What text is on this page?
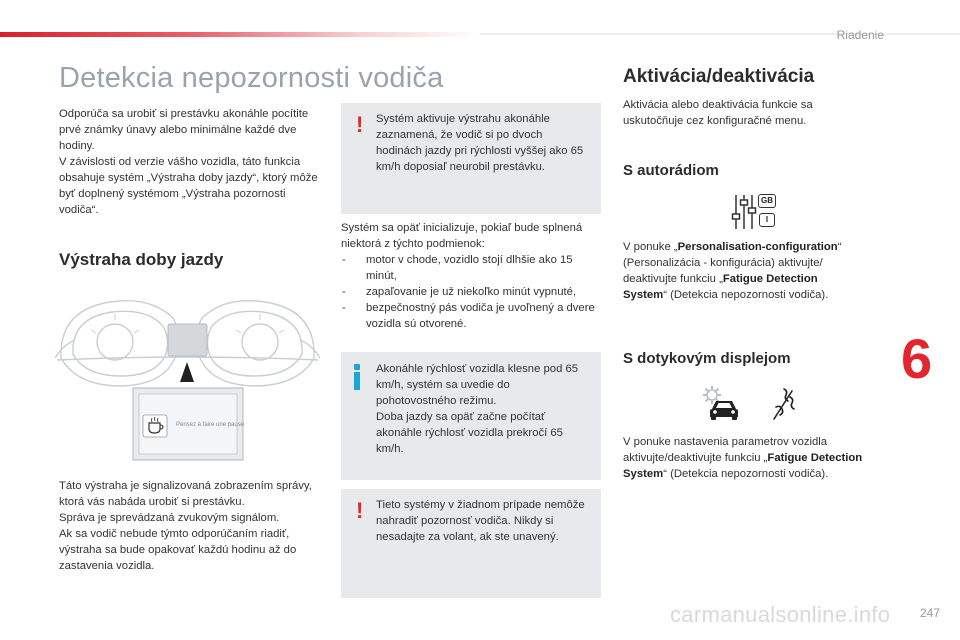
Riadenie
Detekcia nepozornosti vodiča
Odporúča sa urobiť si prestávku akonáhle pocítite prvé známky únavy alebo minimálne každé dve hodiny.
V závislosti od verzie vášho vozidla, táto funkcia obsahuje systém „Výstraha doby jazdy“, ktorý môže byť doplnený systémom „Výstraha pozornosti vodiča“.
Výstraha doby jazdy
Pensez à faire une pause
Táto výstraha je signalizovaná zobrazením správy, ktorá vás nabáda urobiť si prestávku.
Správa je sprevádzaná zvukovým signálom.
Ak sa vodič nebude týmto odporúčaním riadiť, výstraha sa bude opakovať každú hodinu až do zastavenia vozidla.
! Systém aktivuje výstrahu akonáhle zaznamená, že vodič si po dvoch hodinách jazdy pri rýchlosti vyššej ako 65 km/h doposiaľ neurobil prestávku.
Systém sa opäť inicializuje, pokiaľ bude splnená niektorá z týchto podmienok:
- motor v chode, vozidlo stojí dlhšie ako 15 minút,
- zapaľovanie je už niekoľko minút vypnuté,
- bezpečnostný pás vodiča je uvoľnený a dvere vozidla sú otvorené.
Akonáhle rýchlosť vozidla klesne pod 65 km/h, systém sa uvedie do pohotovostného režimu.
Doba jazdy sa opäť začne počítať akonáhle rýchlosť vozidla prekročí 65 km/h.
! Tieto systémy v žiadnom prípade nemôže nahradiť pozornosť vodiča. Nikdy si nesadajte za volant, ak ste unavený.
Aktivácia/deaktivácia
Aktivácia alebo deaktivácia funkcie sa uskutočňuje cez konfiguračné menu.
S autorádiom
GB
I
V ponuke „Personalisation-configuration“ (Personalizácia - konfigurácia) aktivujte/ deaktivujte funkciu „Fatigue Detection System“ (Detekcia nepozornosti vodiča).
S dotykovým displejom
V ponuke nastavenia parametrov vozidla aktivujte/deaktivujte funkciu „Fatigue Detection System“ (Detekcia nepozornosti vodiča).
6
carmanualsonline.info 247
